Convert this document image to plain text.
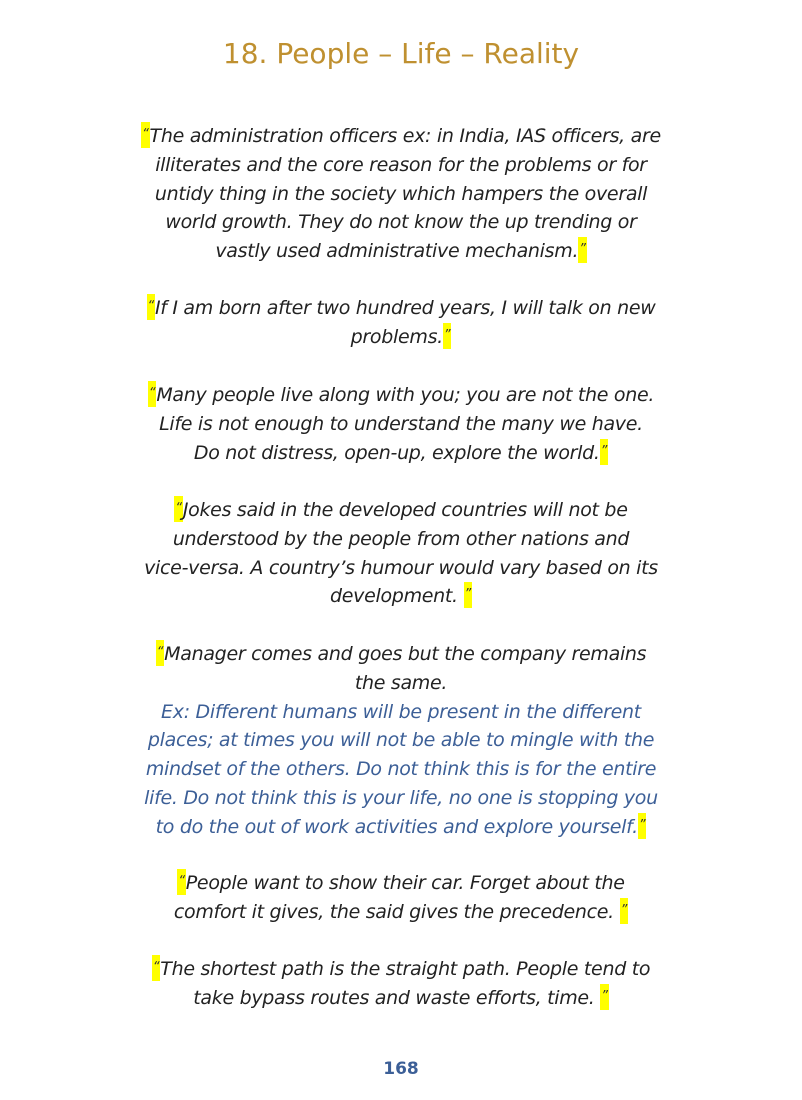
18. People – Life – Reality
“The administration officers ex: in India, IAS officers, are
illiterates and the core reason for the problems or for
untidy thing in the society which hampers the overall
world growth. They do not know the up trending or
vastly used administrative mechanism.”
“If I am born after two hundred years, I will talk on new
problems.”
“Many people live along with you; you are not the one.
Life is not enough to understand the many we have.
Do not distress, open-up, explore the world.”
“Jokes said in the developed countries will not be
understood by the people from other nations and
vice-versa. A country’s humour would vary based on its
development. ”
“Manager comes and goes but the company remains
the same.
Ex: Different humans will be present in the different
places; at times you will not be able to mingle with the
mindset of the others. Do not think this is for the entire
life. Do not think this is your life, no one is stopping you
to do the out of work activities and explore yourself.”
“People want to show their car. Forget about the
comfort it gives, the said gives the precedence. ”
“The shortest path is the straight path. People tend to
take bypass routes and waste efforts, time. ”
168
